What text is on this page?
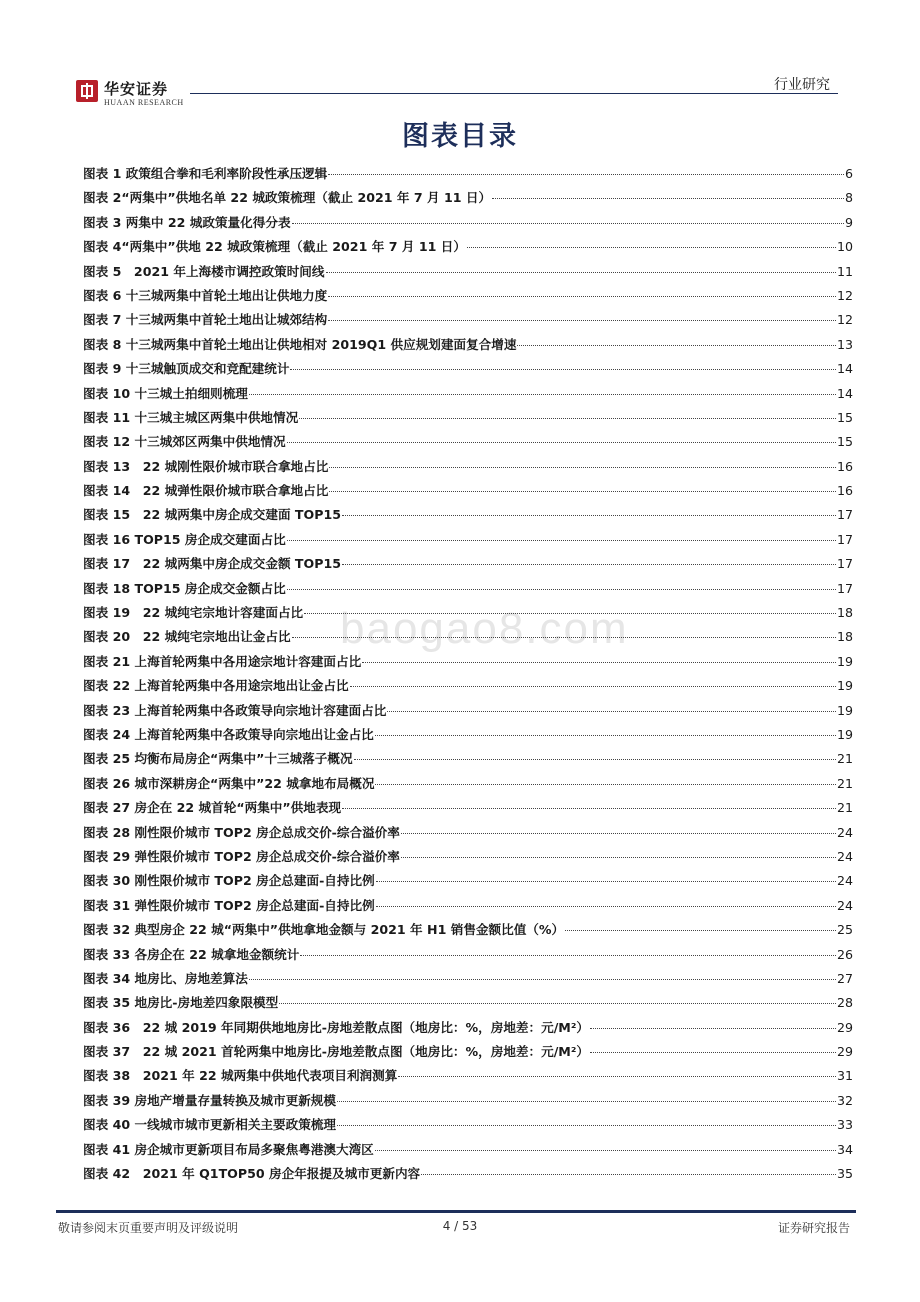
华安证券
HUAAN RESEARCH
行业研究
图表目录
baogao8.com
图表 1 政策组合拳和毛利率阶段性承压逻辑	6
图表 2“两集中”供地名单 22 城政策梳理（截止 2021 年 7 月 11 日）	8
图表 3 两集中 22 城政策量化得分表	9
图表 4“两集中”供地 22 城政策梳理（截止 2021 年 7 月 11 日）	10
图表 5　2021 年上海楼市调控政策时间线	11
图表 6 十三城两集中首轮土地出让供地力度	12
图表 7 十三城两集中首轮土地出让城郊结构	12
图表 8 十三城两集中首轮土地出让供地相对 2019Q1 供应规划建面复合增速	13
图表 9 十三城触顶成交和竞配建统计	14
图表 10 十三城土拍细则梳理	14
图表 11 十三城主城区两集中供地情况	15
图表 12 十三城郊区两集中供地情况	15
图表 13　22 城刚性限价城市联合拿地占比	16
图表 14　22 城弹性限价城市联合拿地占比	16
图表 15　22 城两集中房企成交建面 TOP15	17
图表 16 TOP15 房企成交建面占比	17
图表 17　22 城两集中房企成交金额 TOP15	17
图表 18 TOP15 房企成交金额占比	17
图表 19　22 城纯宅宗地计容建面占比	18
图表 20　22 城纯宅宗地出让金占比	18
图表 21 上海首轮两集中各用途宗地计容建面占比	19
图表 22 上海首轮两集中各用途宗地出让金占比	19
图表 23 上海首轮两集中各政策导向宗地计容建面占比	19
图表 24 上海首轮两集中各政策导向宗地出让金占比	19
图表 25 均衡布局房企“两集中”十三城落子概况	21
图表 26 城市深耕房企“两集中”22 城拿地布局概况	21
图表 27 房企在 22 城首轮“两集中”供地表现	21
图表 28 刚性限价城市 TOP2 房企总成交价-综合溢价率	24
图表 29 弹性限价城市 TOP2 房企总成交价-综合溢价率	24
图表 30 刚性限价城市 TOP2 房企总建面-自持比例	24
图表 31 弹性限价城市 TOP2 房企总建面-自持比例	24
图表 32 典型房企 22 城“两集中”供地拿地金额与 2021 年 H1 销售金额比值（%）	25
图表 33 各房企在 22 城拿地金额统计	26
图表 34 地房比、房地差算法	27
图表 35 地房比-房地差四象限模型	28
图表 36　22 城 2019 年同期供地地房比-房地差散点图（地房比：%，房地差：元/M²）	29
图表 37　22 城 2021 首轮两集中地房比-房地差散点图（地房比：%，房地差：元/M²）	29
图表 38　2021 年 22 城两集中供地代表项目利润测算	31
图表 39 房地产增量存量转换及城市更新规模	32
图表 40 一线城市城市更新相关主要政策梳理	33
图表 41 房企城市更新项目布局多聚焦粤港澳大湾区	34
图表 42　2021 年 Q1TOP50 房企年报提及城市更新内容	35
敬请参阅末页重要声明及评级说明	4 / 53	证券研究报告
